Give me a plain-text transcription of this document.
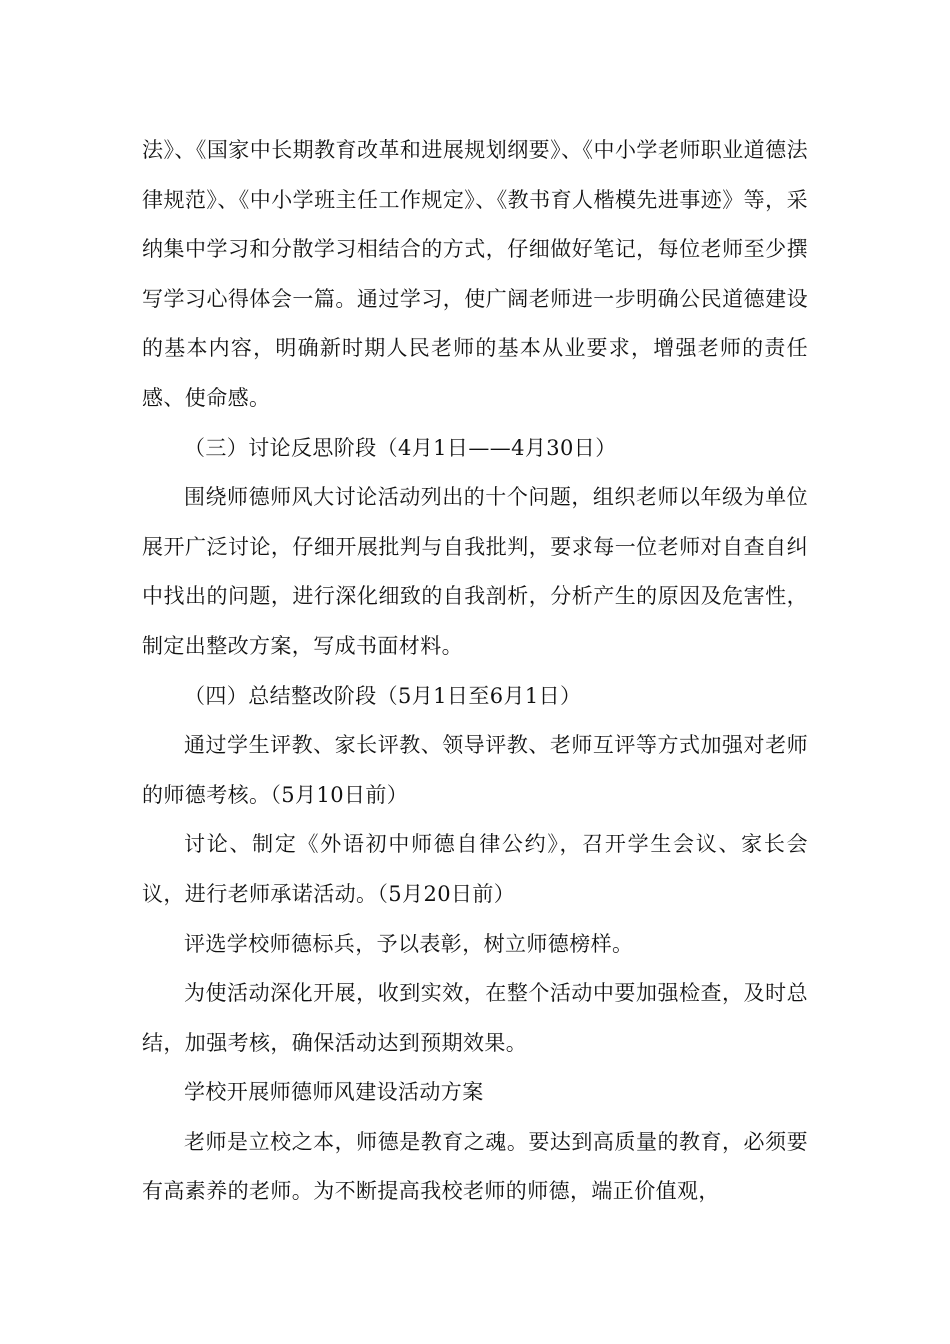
法》、《国家中长期教育改革和进展规划纲要》、《中小学老师职业道德法律规范》、《中小学班主任工作规定》、《教书育人楷模先进事迹》等，采纳集中学习和分散学习相结合的方式，仔细做好笔记，每位老师至少撰写学习心得体会一篇。通过学习，使广阔老师进一步明确公民道德建设的基本内容，明确新时期人民老师的基本从业要求，增强老师的责任感、使命感。

（三）讨论反思阶段（4月1日——4月30日）

围绕师德师风大讨论活动列出的十个问题，组织老师以年级为单位展开广泛讨论，仔细开展批判与自我批判，要求每一位老师对自查自纠中找出的问题，进行深化细致的自我剖析，分析产生的原因及危害性，制定出整改方案，写成书面材料。

（四）总结整改阶段（5月1日至6月1日）

通过学生评教、家长评教、领导评教、老师互评等方式加强对老师的师德考核。（5月10日前）

讨论、制定《外语初中师德自律公约》，召开学生会议、家长会议，进行老师承诺活动。（5月20日前）

评选学校师德标兵，予以表彰，树立师德榜样。

为使活动深化开展，收到实效，在整个活动中要加强检查，及时总结，加强考核，确保活动达到预期效果。

学校开展师德师风建设活动方案

老师是立校之本，师德是教育之魂。要达到高质量的教育，必须要有高素养的老师。为不断提高我校老师的师德，端正价值观，
